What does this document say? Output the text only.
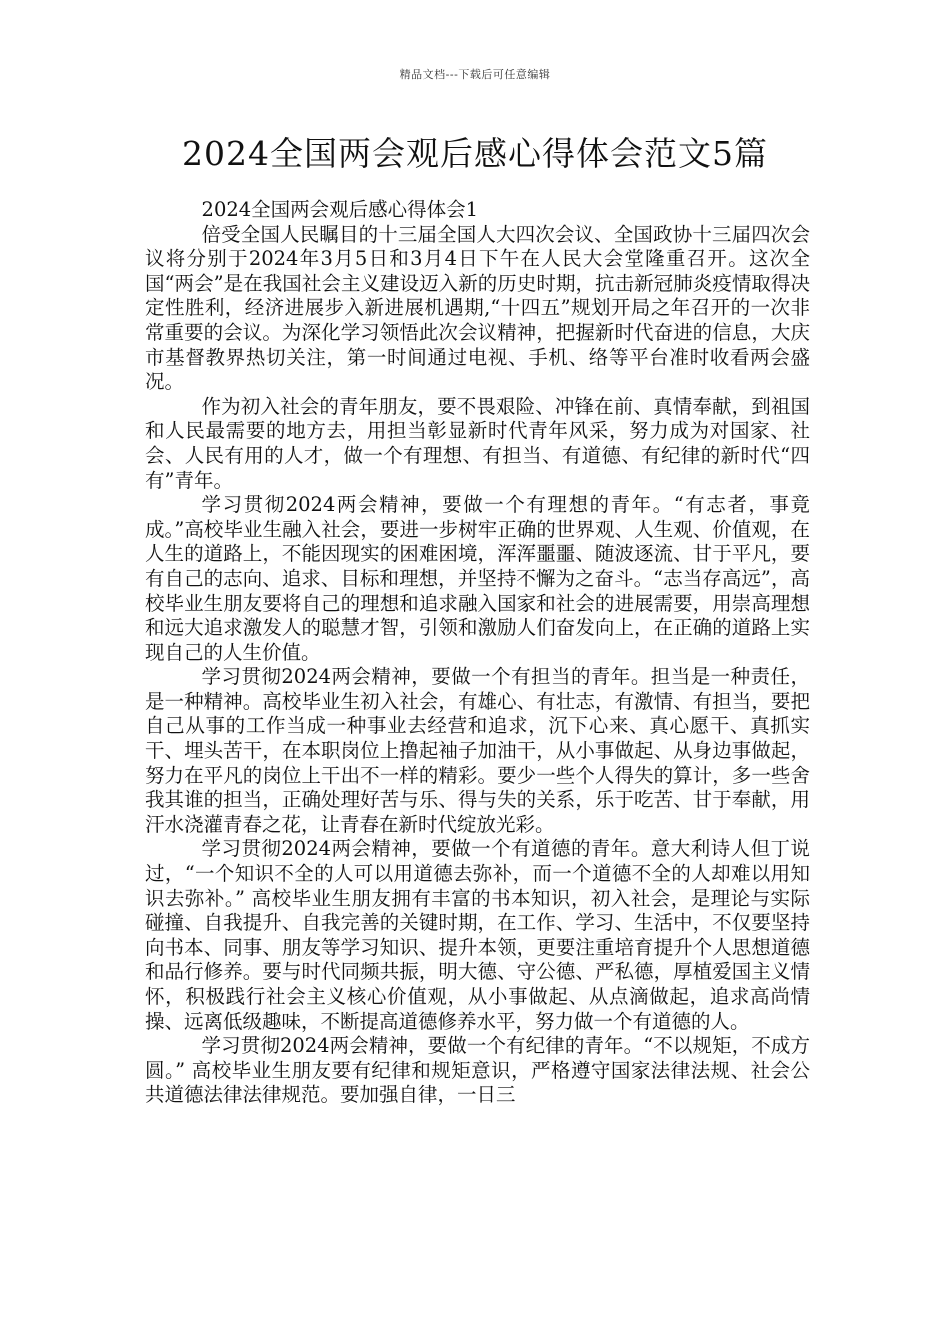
精品文档---下载后可任意编辑
2024全国两会观后感心得体会范文5篇

2024全国两会观后感心得体会1

倍受全国人民瞩目的十三届全国人大四次会议、全国政协十三届四次会议将分别于2024年3月5日和3月4日下午在人民大会堂隆重召开。这次全国“两会”是在我国社会主义建设迈入新的历史时期，抗击新冠肺炎疫情取得决定性胜利，经济进展步入新进展机遇期,“十四五”规划开局之年召开的一次非常重要的会议。为深化学习领悟此次会议精神，把握新时代奋进的信息，大庆市基督教界热切关注，第一时间通过电视、手机、络等平台准时收看两会盛况。

作为初入社会的青年朋友，要不畏艰险、冲锋在前、真情奉献，到祖国和人民最需要的地方去，用担当彰显新时代青年风采，努力成为对国家、社会、人民有用的人才，做一个有理想、有担当、有道德、有纪律的新时代“四有”青年。

学习贯彻2024两会精神，要做一个有理想的青年。“有志者，事竟成。”高校毕业生融入社会，要进一步树牢正确的世界观、人生观、价值观，在人生的道路上，不能因现实的困难困境，浑浑噩噩、随波逐流、甘于平凡，要有自己的志向、追求、目标和理想，并坚持不懈为之奋斗。“志当存高远”，高校毕业生朋友要将自己的理想和追求融入国家和社会的进展需要，用崇高理想和远大追求激发人的聪慧才智，引领和激励人们奋发向上，在正确的道路上实现自己的人生价值。

学习贯彻2024两会精神，要做一个有担当的青年。担当是一种责任，是一种精神。高校毕业生初入社会，有雄心、有壮志，有激情、有担当，要把自己从事的工作当成一种事业去经营和追求，沉下心来、真心愿干、真抓实干、埋头苦干，在本职岗位上撸起袖子加油干，从小事做起、从身边事做起，努力在平凡的岗位上干出不一样的精彩。要少一些个人得失的算计，多一些舍我其谁的担当，正确处理好苦与乐、得与失的关系，乐于吃苦、甘于奉献，用汗水浇灌青春之花，让青春在新时代绽放光彩。

学习贯彻2024两会精神，要做一个有道德的青年。意大利诗人但丁说过，“一个知识不全的人可以用道德去弥补，而一个道德不全的人却难以用知识去弥补。” 高校毕业生朋友拥有丰富的书本知识，初入社会，是理论与实际碰撞、自我提升、自我完善的关键时期，在工作、学习、生活中，不仅要坚持向书本、同事、朋友等学习知识、提升本领，更要注重培育提升个人思想道德和品行修养。要与时代同频共振，明大德、守公德、严私德，厚植爱国主义情怀，积极践行社会主义核心价值观，从小事做起、从点滴做起，追求高尚情操、远离低级趣味，不断提高道德修养水平，努力做一个有道德的人。

学习贯彻2024两会精神，要做一个有纪律的青年。“不以规矩，不成方圆。” 高校毕业生朋友要有纪律和规矩意识，严格遵守国家法律法规、社会公共道德法律法律规范。要加强自律，一日三
